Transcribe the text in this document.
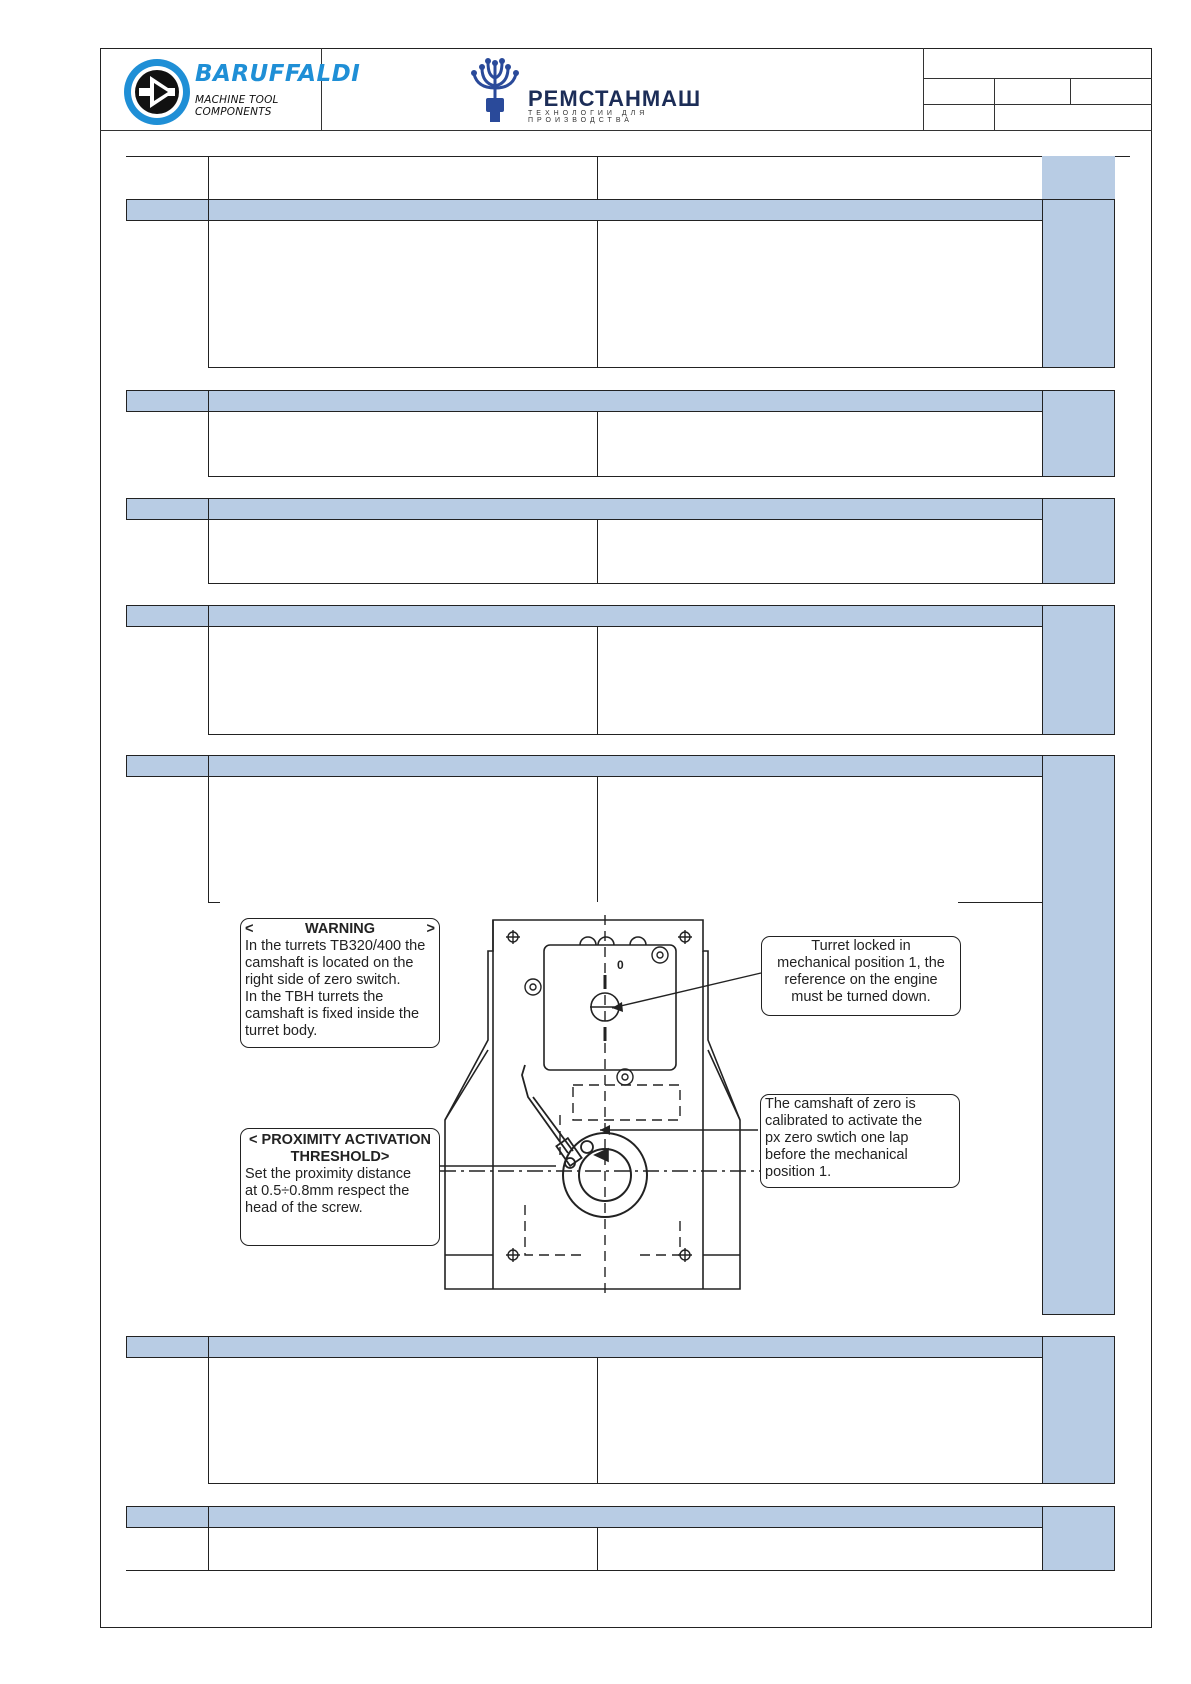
BARUFFALDI
MACHINE TOOL COMPONENTS
РЕМСТАНМАШ
ТЕХНОЛОГИИ ДЛЯ ПРОИЗВОДСТВА
0
<	WARNING	>
In the turrets TB320/400 the
camshaft is located on the
right side of zero switch.
In the TBH turrets the
camshaft is fixed inside the
turret body.
< PROXIMITY ACTIVATION
THRESHOLD>
Set the proximity distance
at 0.5÷0.8mm respect the
head of the screw.
Turret locked in
mechanical position 1, the
reference on the engine
must be turned down.
The camshaft of zero is
calibrated to activate the
px zero swtich one lap
before the mechanical
position 1.
